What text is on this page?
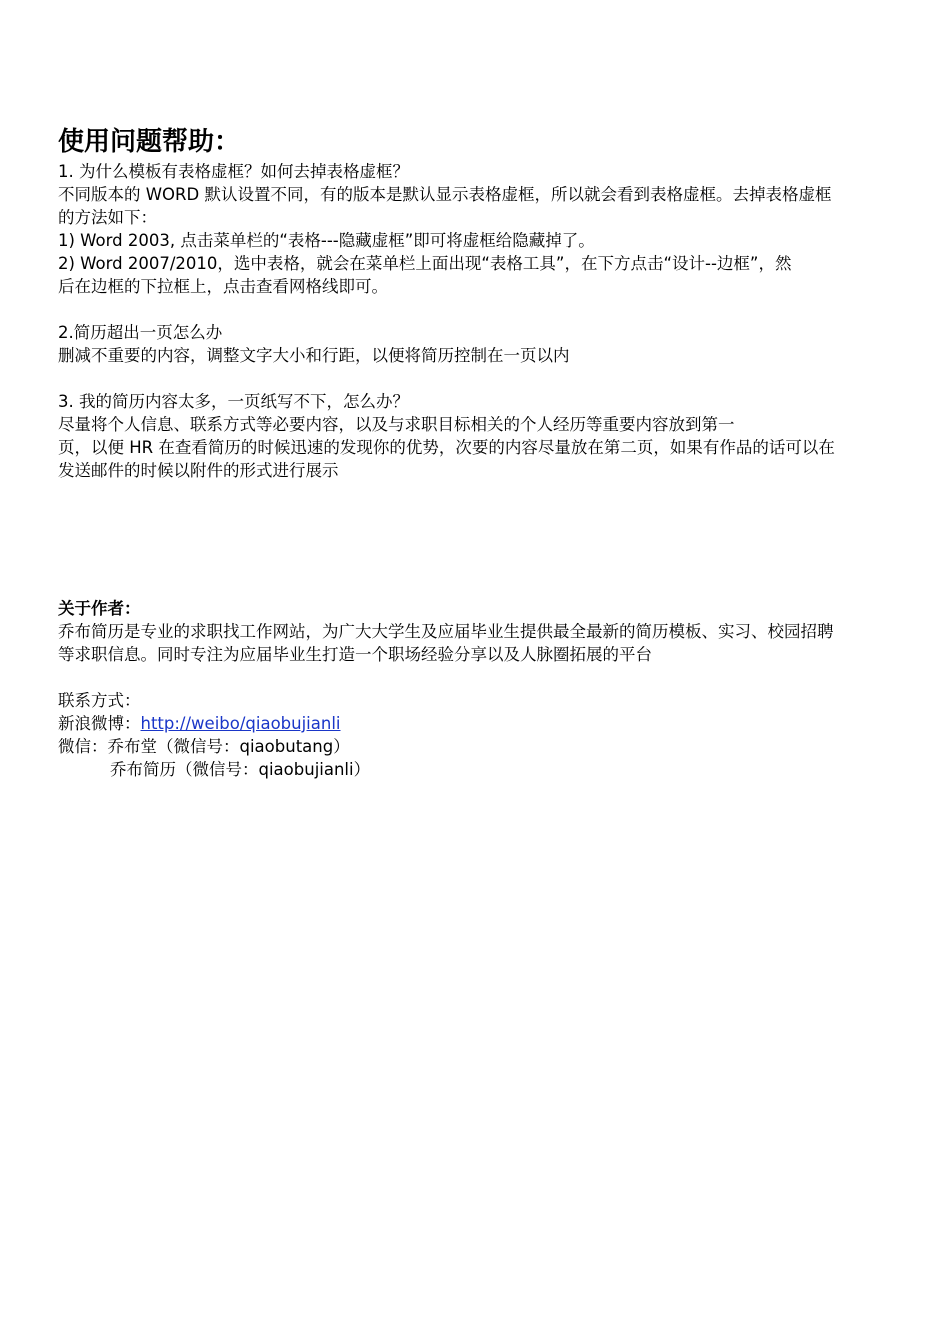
使用问题帮助：
1. 为什么模板有表格虚框？如何去掉表格虚框？
不同版本的 WORD 默认设置不同，有的版本是默认显示表格虚框，所以就会看到表格虚框。去掉表格虚框
的方法如下：
1) Word 2003, 点击菜单栏的“表格---隐藏虚框”即可将虚框给隐藏掉了。
2) Word 2007/2010，选中表格，就会在菜单栏上面出现“表格工具”，在下方点击“设计--边框”，然
后在边框的下拉框上，点击查看网格线即可。
2.简历超出一页怎么办
删减不重要的内容，调整文字大小和行距，以便将简历控制在一页以内
3. 我的简历内容太多，一页纸写不下，怎么办？
尽量将个人信息、联系方式等必要内容，以及与求职目标相关的个人经历等重要内容放到第一
页，以便 HR 在查看简历的时候迅速的发现你的优势，次要的内容尽量放在第二页，如果有作品的话可以在
发送邮件的时候以附件的形式进行展示
关于作者：
乔布简历是专业的求职找工作网站，为广大大学生及应届毕业生提供最全最新的简历模板、实习、校园招聘
等求职信息。同时专注为应届毕业生打造一个职场经验分享以及人脉圈拓展的平台
联系方式：
新浪微博：http://weibo/qiaobujianli
微信：乔布堂（微信号：qiaobutang）
乔布简历（微信号：qiaobujianli）
